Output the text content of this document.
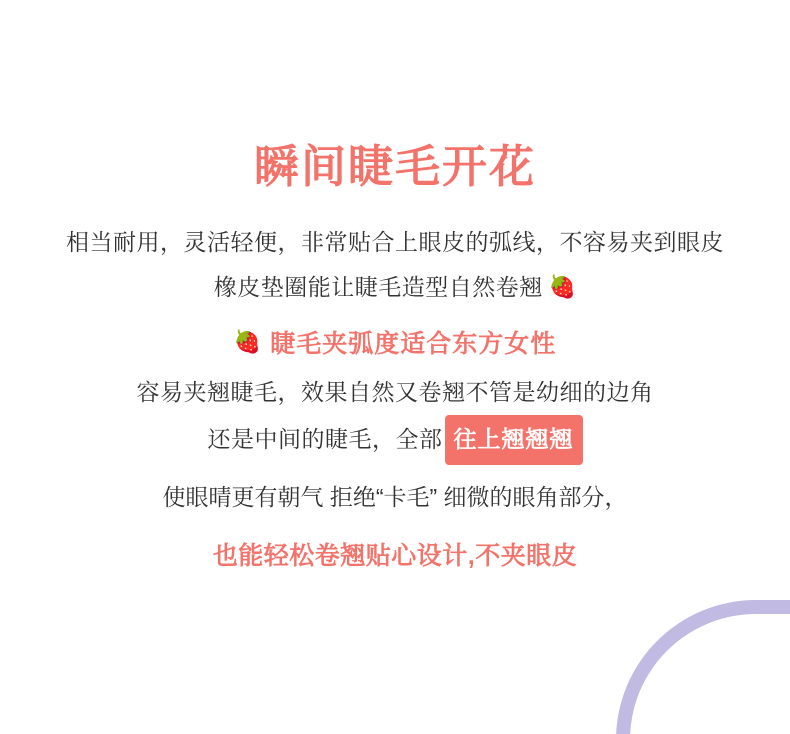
瞬间睫毛开花

相当耐用，灵活轻便，非常贴合上眼皮的弧线，不容易夹到眼皮

橡皮垫圈能让睫毛造型自然卷翘 🍓
🍓 睫毛夹弧度适合东方女性

容易夹翘睫毛，效果自然又卷翘不管是幼细的边角

还是中间的睫毛，全部 往上翘翘翘

使眼晴更有朝气 拒绝“卡毛” 细微的眼角部分，

也能轻松卷翘贴心设计,不夹眼皮
